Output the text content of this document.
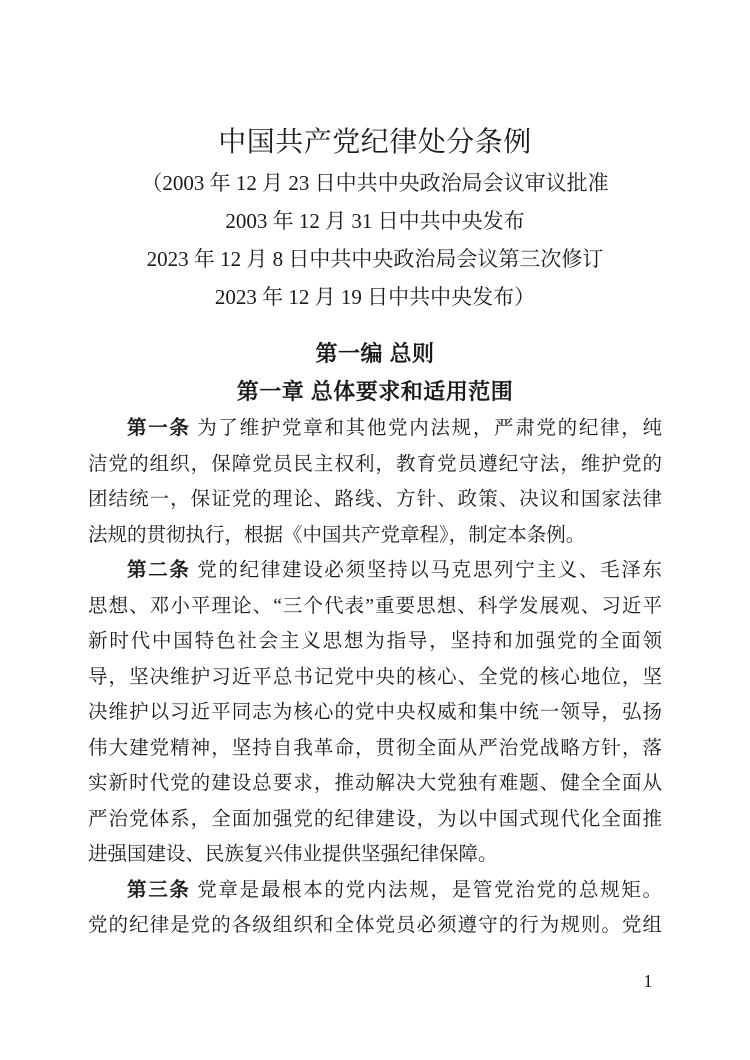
中国共产党纪律处分条例
（2003 年 12 月 23 日中共中央政治局会议审议批准
2003 年 12 月 31 日中共中央发布
2023 年 12 月 8 日中共中央政治局会议第三次修订
2023 年 12 月 19 日中共中央发布）
第一编 总则
第一章 总体要求和适用范围
第一条 为了维护党章和其他党内法规，严肃党的纪律，纯
洁党的组织，保障党员民主权利，教育党员遵纪守法，维护党的
团结统一，保证党的理论、路线、方针、政策、决议和国家法律
法规的贯彻执行，根据《中国共产党章程》，制定本条例。
第二条 党的纪律建设必须坚持以马克思列宁主义、毛泽东
思想、邓小平理论、“三个代表”重要思想、科学发展观、习近平
新时代中国特色社会主义思想为指导，坚持和加强党的全面领
导，坚决维护习近平总书记党中央的核心、全党的核心地位，坚
决维护以习近平同志为核心的党中央权威和集中统一领导，弘扬
伟大建党精神，坚持自我革命，贯彻全面从严治党战略方针，落
实新时代党的建设总要求，推动解决大党独有难题、健全全面从
严治党体系，全面加强党的纪律建设，为以中国式现代化全面推
进强国建设、民族复兴伟业提供坚强纪律保障。
第三条 党章是最根本的党内法规，是管党治党的总规矩。
党的纪律是党的各级组织和全体党员必须遵守的行为规则。党组
1
